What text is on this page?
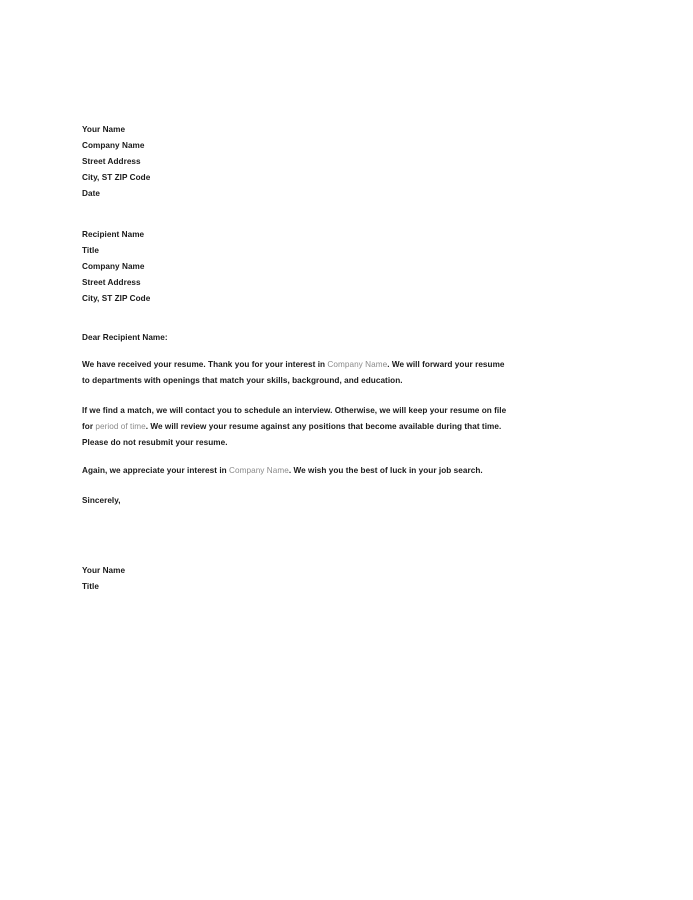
Your Name
Company Name
Street Address
City, ST ZIP Code
Date
Recipient Name
Title
Company Name
Street Address
City, ST ZIP Code
Dear Recipient Name:
We have received your resume. Thank you for your interest in Company Name. We will forward your resume
to departments with openings that match your skills, background, and education.
If we find a match, we will contact you to schedule an interview. Otherwise, we will keep your resume on file
for period of time. We will review your resume against any positions that become available during that time.
Please do not resubmit your resume.
Again, we appreciate your interest in Company Name. We wish you the best of luck in your job search.
Sincerely,
Your Name
Title
